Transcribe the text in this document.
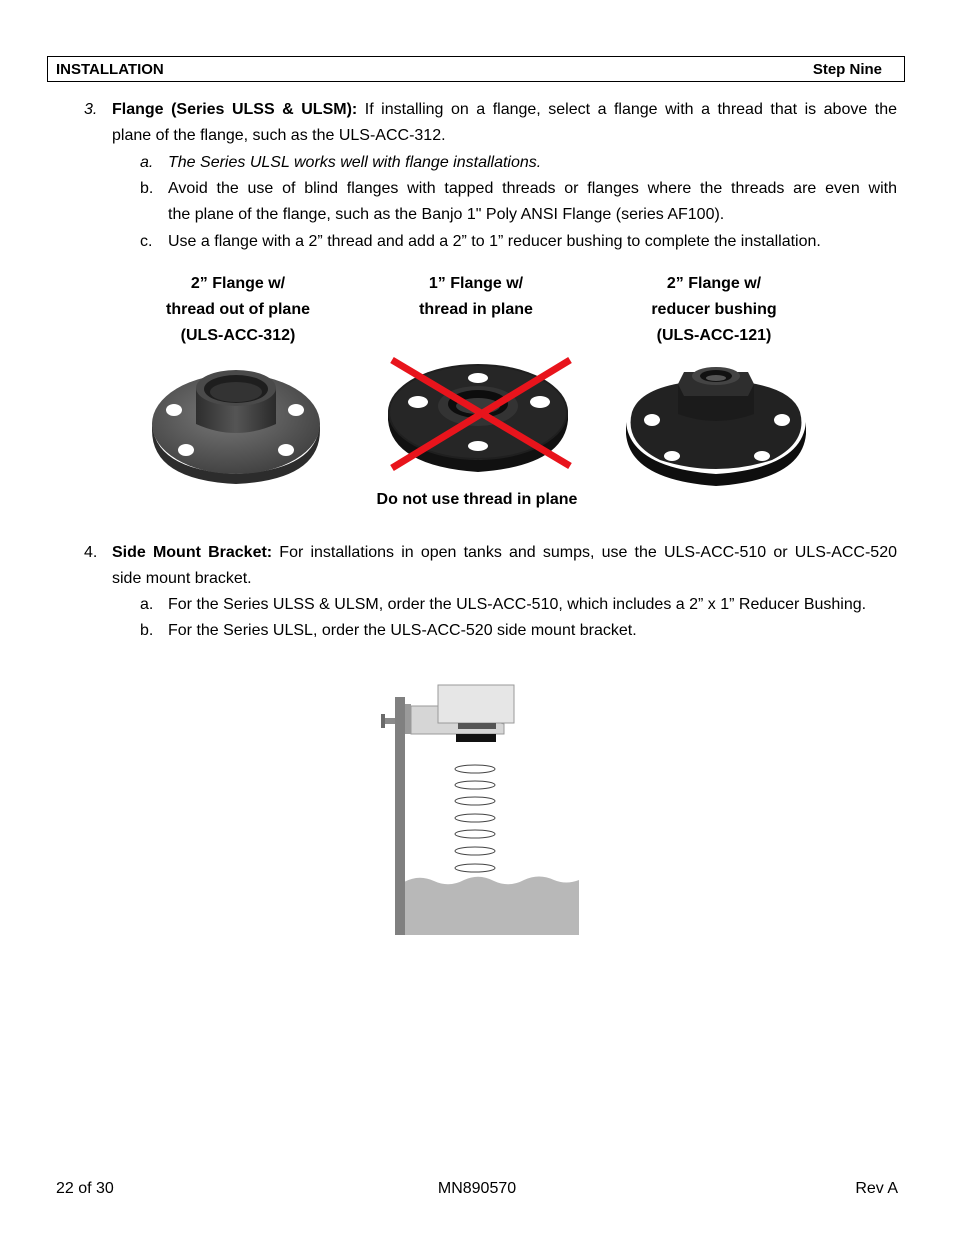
INSTALLATION	Step Nine
3. Flange (Series ULSS & ULSM): If installing on a flange, select a flange with a thread that is above the
plane of the flange, such as the ULS-ACC-312.
a. The Series ULSL works well with flange installations.
b. Avoid the use of blind flanges with tapped threads or flanges where the threads are even with
the plane of the flange, such as the Banjo 1" Poly ANSI Flange (series AF100).
c. Use a flange with a 2” thread and add a 2” to 1” reducer bushing to complete the installation.
2” Flange w/
thread out of plane
(ULS-ACC-312)
1” Flange w/
thread in plane
2” Flange w/
reducer bushing
(ULS-ACC-121)
Do not use thread in plane
4. Side Mount Bracket: For installations in open tanks and sumps, use the ULS-ACC-510 or ULS-ACC-520
side mount bracket.
a. For the Series ULSS & ULSM, order the ULS-ACC-510, which includes a 2” x 1” Reducer Bushing.
b. For the Series ULSL, order the ULS-ACC-520 side mount bracket.
22 of 30	MN890570	Rev A
